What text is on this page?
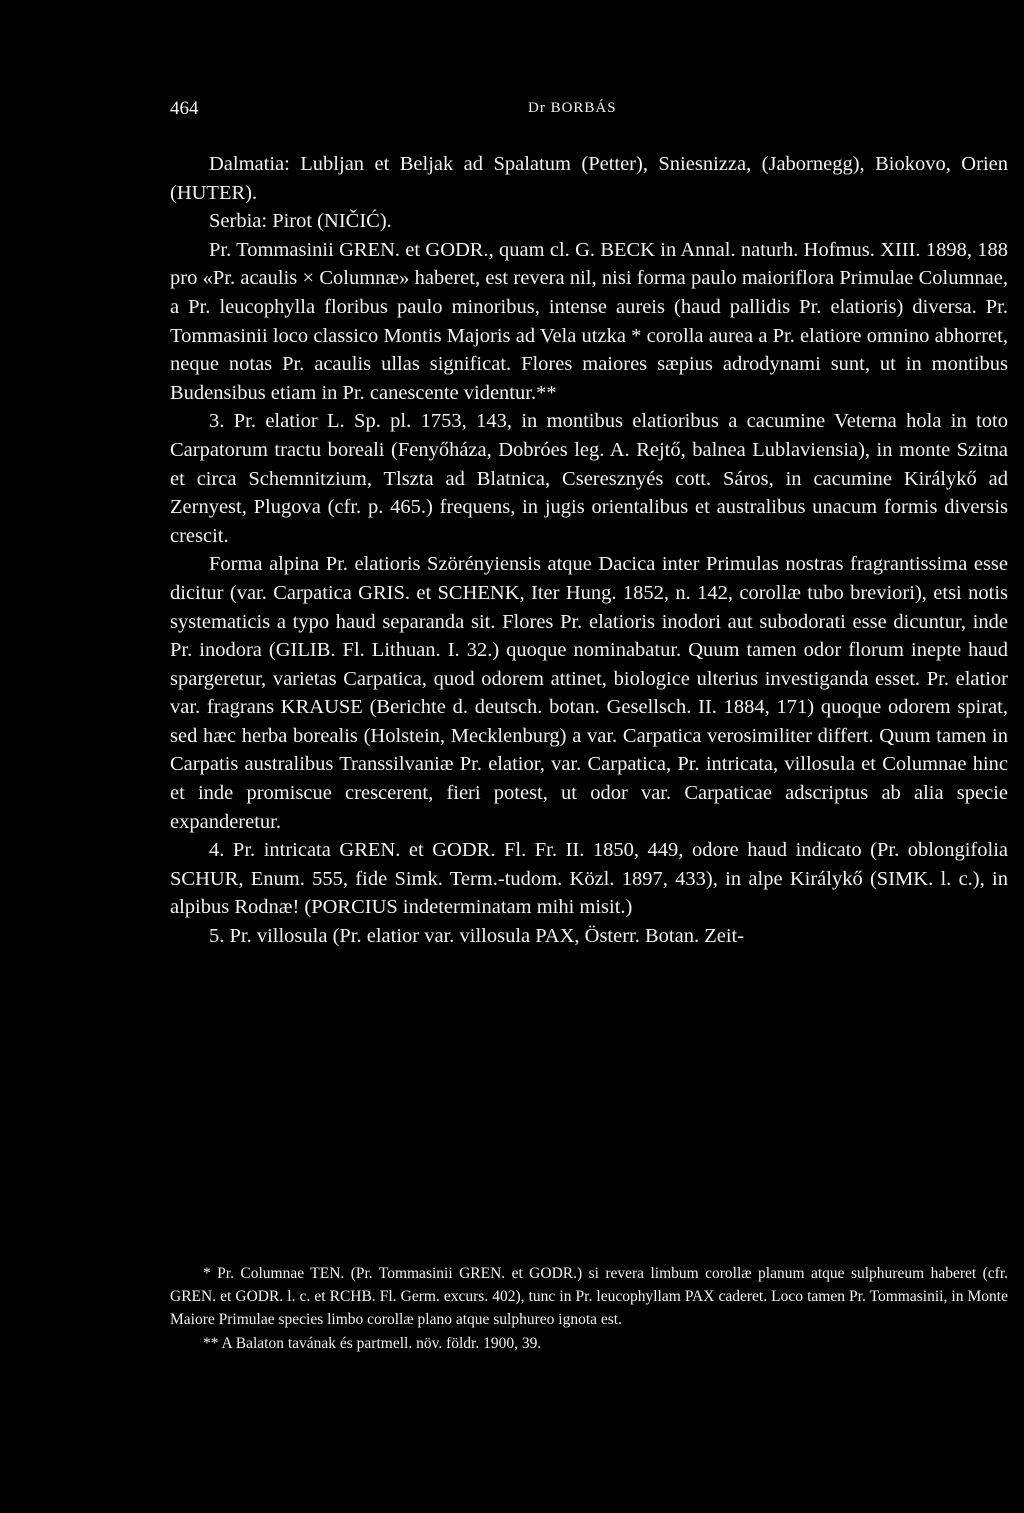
464	Dr BORBÁS

Dalmatia: Lubljan et Beljak ad Spalatum (Petter), Sniesnizza, (Jabornegg), Biokovo, Orien (HUTER).

Serbia: Pirot (NIČIĆ).

Pr. Tommasinii GREN. et GODR., quam cl. G. BECK in Annal. naturh. Hofmus. XIII. 1898, 188 pro «Pr. acaulis × Columnæ» haberet, est revera nil, nisi forma paulo maioriflora Primulae Columnae, a Pr. leucophylla floribus paulo minoribus, intense aureis (haud pallidis Pr. elatioris) diversa. Pr. Tommasinii loco classico Montis Majoris ad Vela utzka * corolla aurea a Pr. elatiore omnino abhorret, neque notas Pr. acaulis ullas significat. Flores maiores sæpius adrodynami sunt, ut in montibus Budensibus etiam in Pr. canescente videntur.**

3. Pr. elatior L. Sp. pl. 1753, 143, in montibus elatioribus a cacumine Veterna hola in toto Carpatorum tractu boreali (Fenyőháza, Dobróes leg. A. Rejtő, balnea Lublaviensia), in monte Szitna et circa Schemnitzium, Tlszta ad Blatnica, Cseresznyés cott. Sáros, in cacumine Királykő ad Zernyest, Plugova (cfr. p. 465.) frequens, in jugis orientalibus et australibus unacum formis diversis crescit.

Forma alpina Pr. elatioris Szörényiensis atque Dacica inter Primulas nostras fragrantissima esse dicitur (var. Carpatica GRIS. et SCHENK, Iter Hung. 1852, n. 142, corollæ tubo breviori), etsi notis systematicis a typo haud separanda sit. Flores Pr. elatioris inodori aut subodorati esse dicuntur, inde Pr. inodora (GILIB. Fl. Lithuan. I. 32.) quoque nominabatur. Quum tamen odor florum inepte haud spargeretur, varietas Carpatica, quod odorem attinet, biologice ulterius investiganda esset. Pr. elatior var. fragrans KRAUSE (Berichte d. deutsch. botan. Gesellsch. II. 1884, 171) quoque odorem spirat, sed hæc herba borealis (Holstein, Mecklenburg) a var. Carpatica verosimiliter differt. Quum tamen in Carpatis australibus Transsilvaniæ Pr. elatior, var. Carpatica, Pr. intricata, villosula et Columnae hinc et inde promiscue crescerent, fieri potest, ut odor var. Carpaticae adscriptus ab alia specie expanderetur.

4. Pr. intricata GREN. et GODR. Fl. Fr. II. 1850, 449, odore haud indicato (Pr. oblongifolia SCHUR, Enum. 555, fide Simk. Term.-tudom. Közl. 1897, 433), in alpe Királykő (SIMK. l. c.), in alpibus Rodnæ! (PORCIUS indeterminatam mihi misit.)

5. Pr. villosula (Pr. elatior var. villosula PAX, Österr. Botan. Zeit-

* Pr. Columnae TEN. (Pr. Tommasinii GREN. et GODR.) si revera limbum corollæ planum atque sulphureum haberet (cfr. GREN. et GODR. l. c. et RCHB. Fl. Germ. excurs. 402), tunc in Pr. leucophyllam PAX caderet. Loco tamen Pr. Tommasinii, in Monte Maiore Primulae species limbo corollæ plano atque sulphureo ignota est.

** A Balaton tavának és partmell. növ. földr. 1900, 39.
